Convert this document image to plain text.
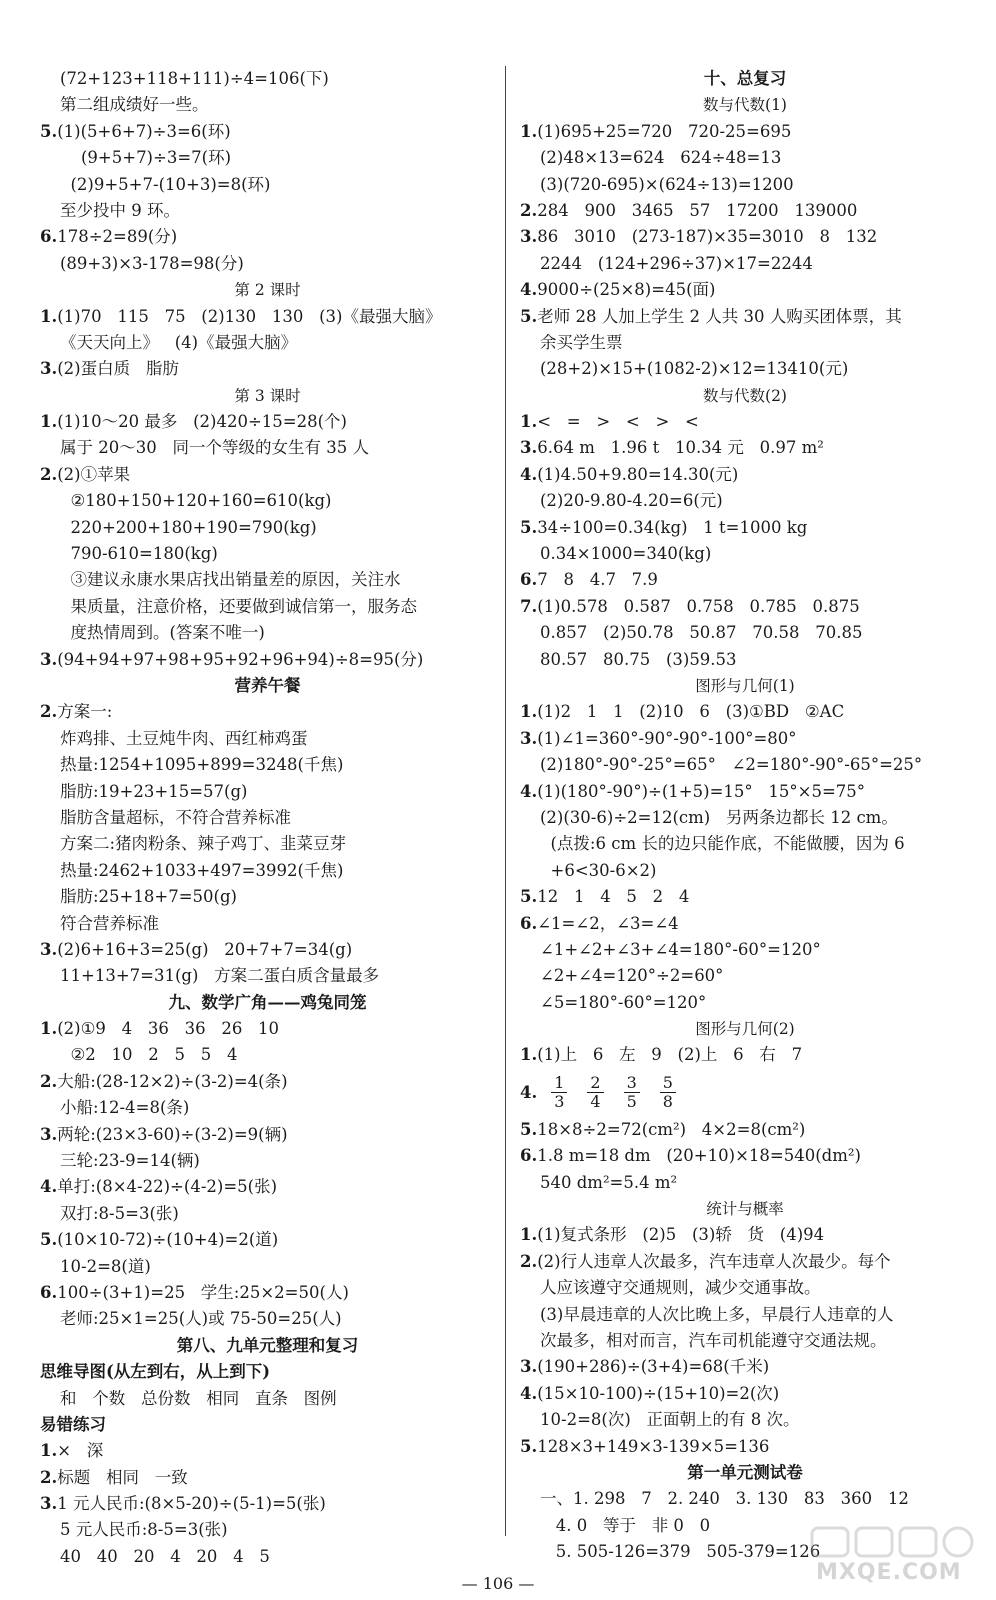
(72+123+118+111)÷4=106(下)
第二组成绩好一些。
5.(1)(5+6+7)÷3=6(环)
(9+5+7)÷3=7(环)
(2)9+5+7-(10+3)=8(环)
至少投中 9 环。
6.178÷2=89(分)
(89+3)×3-178=98(分)
第 2 课时
1.(1)70   115   75   (2)130   130   (3)《最强大脑》
《天天向上》   (4)《最强大脑》
3.(2)蛋白质   脂肪
第 3 课时
1.(1)10～20 最多   (2)420÷15=28(个)
属于 20～30   同一个等级的女生有 35 人
2.(2)①苹果
②180+150+120+160=610(kg)
220+200+180+190=790(kg)
790-610=180(kg)
③建议永康水果店找出销量差的原因，关注水
果质量，注意价格，还要做到诚信第一，服务态
度热情周到。(答案不唯一)
3.(94+94+97+98+95+92+96+94)÷8=95(分)
营养午餐
2.方案一:
炸鸡排、土豆炖牛肉、西红柿鸡蛋
热量:1254+1095+899=3248(千焦)
脂肪:19+23+15=57(g)
脂肪含量超标，不符合营养标准
方案二:猪肉粉条、辣子鸡丁、韭菜豆芽
热量:2462+1033+497=3992(千焦)
脂肪:25+18+7=50(g)
符合营养标准
3.(2)6+16+3=25(g)   20+7+7=34(g)
11+13+7=31(g)   方案二蛋白质含量最多
九、数学广角——鸡兔同笼
1.(2)①9   4   36   36   26   10
②2   10   2   5   5   4
2.大船:(28-12×2)÷(3-2)=4(条)
小船:12-4=8(条)
3.两轮:(23×3-60)÷(3-2)=9(辆)
三轮:23-9=14(辆)
4.单打:(8×4-22)÷(4-2)=5(张)
双打:8-5=3(张)
5.(10×10-72)÷(10+4)=2(道)
10-2=8(道)
6.100÷(3+1)=25   学生:25×2=50(人)
老师:25×1=25(人)或 75-50=25(人)
第八、九单元整理和复习
思维导图(从左到右，从上到下)
和   个数   总份数   相同   直条   图例
易错练习
1.×   深
2.标题   相同   一致
3.1 元人民币:(8×5-20)÷(5-1)=5(张)
5 元人民币:8-5=3(张)
40   40   20   4   20   4   5
十、总复习
数与代数(1)
1.(1)695+25=720   720-25=695
(2)48×13=624   624÷48=13
(3)(720-695)×(624÷13)=1200
2.284   900   3465   57   17200   139000
3.86   3010   (273-187)×35=3010   8   132
2244   (124+296÷37)×17=2244
4.9000÷(25×8)=45(面)
5.老师 28 人加上学生 2 人共 30 人购买团体票，其
余买学生票
(28+2)×15+(1082-2)×12=13410(元)
数与代数(2)
1.<   =   >   <   >   <
3.6.64 m   1.96 t   10.34 元   0.97 m²
4.(1)4.50+9.80=14.30(元)
(2)20-9.80-4.20=6(元)
5.34÷100=0.34(kg)   1 t=1000 kg
0.34×1000=340(kg)
6.7   8   4.7   7.9
7.(1)0.578   0.587   0.758   0.785   0.875
0.857   (2)50.78   50.87   70.58   70.85
80.57   80.75   (3)59.53
图形与几何(1)
1.(1)2   1   1   (2)10   6   (3)①BD   ②AC
3.(1)∠1=360°-90°-90°-100°=80°
(2)180°-90°-25°=65°   ∠2=180°-90°-65°=25°
4.(1)(180°-90°)÷(1+5)=15°   15°×5=75°
(2)(30-6)÷2=12(cm)   另两条边都长 12 cm。
(点拨:6 cm 长的边只能作底，不能做腰，因为 6
+6<30-6×2)
5.12   1   4   5   2   4
6.∠1=∠2，∠3=∠4
∠1+∠2+∠3+∠4=180°-60°=120°
∠2+∠4=120°÷2=60°
∠5=180°-60°=120°
图形与几何(2)
1.(1)上   6   左   9   (2)上   6   右   7
4. $\frac{1}{3} \frac{2}{4} \frac{3}{5} \frac{5}{8}$
5.18×8÷2=72(cm²)   4×2=8(cm²)
6.1.8 m=18 dm   (20+10)×18=540(dm²)
540 dm²=5.4 m²
统计与概率
1.(1)复式条形   (2)5   (3)轿   货   (4)94
2.(2)行人违章人次最多，汽车违章人次最少。每个
人应该遵守交通规则，减少交通事故。
(3)早晨违章的人次比晚上多，早晨行人违章的人
次最多，相对而言，汽车司机能遵守交通法规。
3.(190+286)÷(3+4)=68(千米)
4.(15×10-100)÷(15+10)=2(次)
10-2=8(次)   正面朝上的有 8 次。
5.128×3+149×3-139×5=136
第一单元测试卷
一、1. 298   7   2. 240   3. 130   83   360   12
4. 0   等于   非 0   0
5. 505-126=379   505-379=126
— 106 —	MXQE.COM
